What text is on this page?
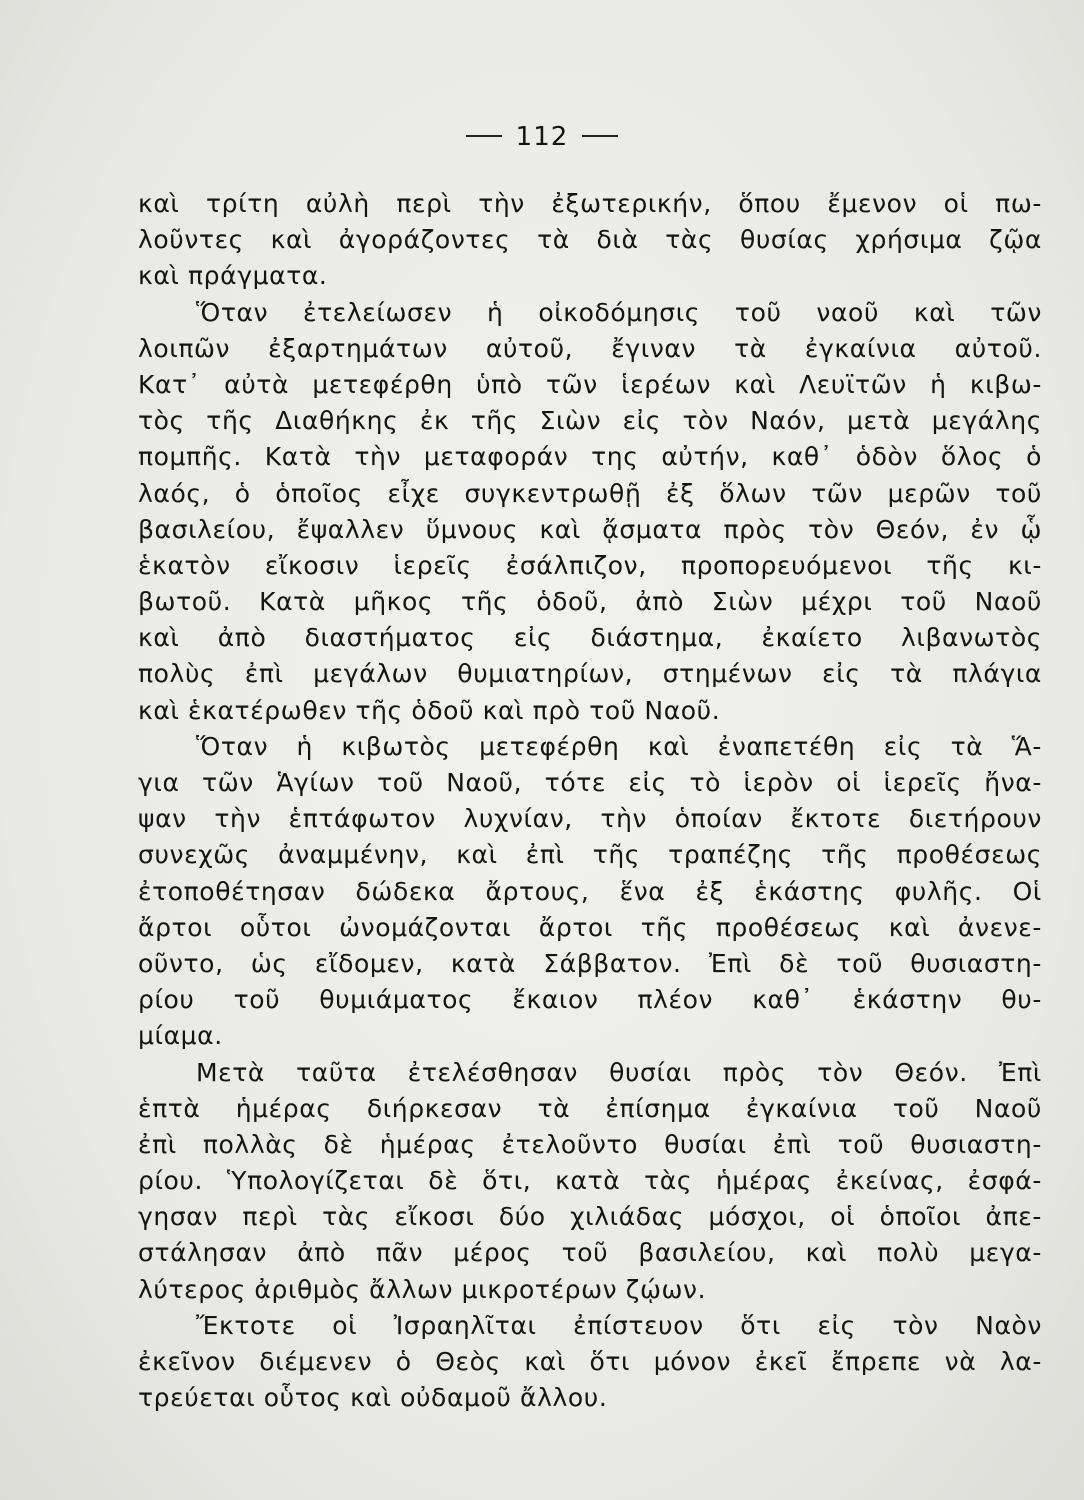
112
καὶ τρίτη αὐλὴ περὶ τὴν ἐξωτερικήν, ὅπου ἔμενον οἱ πω-
λοῦντες καὶ ἀγοράζοντες τὰ διὰ τὰς θυσίας χρήσιμα ζῷα
καὶ πράγματα.
Ὅταν ἐτελείωσεν ἡ οἰκοδόμησις τοῦ ναοῦ καὶ τῶν
λοιπῶν ἐξαρτημάτων αὐτοῦ, ἔγιναν τὰ ἐγκαίνια αὐτοῦ.
Κατ᾽ αὐτὰ μετεφέρθη ὑπὸ τῶν ἱερέων καὶ Λευϊτῶν ἡ κιβω-
τὸς τῆς Διαθήκης ἐκ τῆς Σιὼν εἰς τὸν Ναόν, μετὰ μεγάλης
πομπῆς. Κατὰ τὴν μεταφοράν της αὐτήν, καθ᾽ ὁδὸν ὅλος ὁ
λαός, ὁ ὁποῖος εἶχε συγκεντρωθῇ ἐξ ὅλων τῶν μερῶν τοῦ
βασιλείου, ἔψαλλεν ὕμνους καὶ ᾄσματα πρὸς τὸν Θεόν, ἐν ᾧ
ἑκατὸν εἴκοσιν ἱερεῖς ἐσάλπιζον, προπορευόμενοι τῆς κι-
βωτοῦ. Κατὰ μῆκος τῆς ὁδοῦ, ἀπὸ Σιὼν μέχρι τοῦ Ναοῦ
καὶ ἀπὸ διαστήματος εἰς διάστημα, ἐκαίετο λιβανωτὸς
πολὺς ἐπὶ μεγάλων θυμιατηρίων, στημένων εἰς τὰ πλάγια
καὶ ἑκατέρωθεν τῆς ὁδοῦ καὶ πρὸ τοῦ Ναοῦ.
Ὅταν ἡ κιβωτὸς μετεφέρθη καὶ ἐναπετέθη εἰς τὰ Ἅ-
για τῶν Ἁγίων τοῦ Ναοῦ, τότε εἰς τὸ ἱερὸν οἱ ἱερεῖς ἤνα-
ψαν τὴν ἑπτάφωτον λυχνίαν, τὴν ὁποίαν ἔκτοτε διετήρουν
συνεχῶς ἀναμμένην, καὶ ἐπὶ τῆς τραπέζης τῆς προθέσεως
ἐτοποθέτησαν δώδεκα ἄρτους, ἕνα ἐξ ἑκάστης φυλῆς. Οἱ
ἄρτοι οὗτοι ὠνομάζονται ἄρτοι τῆς προθέσεως καὶ ἀνενε-
οῦντο, ὡς εἴδομεν, κατὰ Σάββατον. Ἐπὶ δὲ τοῦ θυσιαστη-
ρίου τοῦ θυμιάματος ἔκαιον πλέον καθ᾽ ἑκάστην θυ-
μίαμα.
Μετὰ ταῦτα ἐτελέσθησαν θυσίαι πρὸς τὸν Θεόν. Ἐπὶ
ἑπτὰ ἡμέρας διήρκεσαν τὰ ἐπίσημα ἐγκαίνια τοῦ Ναοῦ
ἐπὶ πολλὰς δὲ ἡμέρας ἐτελοῦντο θυσίαι ἐπὶ τοῦ θυσιαστη-
ρίου. Ὑπολογίζεται δὲ ὅτι, κατὰ τὰς ἡμέρας ἐκείνας, ἐσφά-
γησαν περὶ τὰς εἴκοσι δύο χιλιάδας μόσχοι, οἱ ὁποῖοι ἀπε-
στάλησαν ἀπὸ πᾶν μέρος τοῦ βασιλείου, καὶ πολὺ μεγα-
λύτερος ἀριθμὸς ἄλλων μικροτέρων ζῴων.
Ἔκτοτε οἱ Ἰσραηλῖται ἐπίστευον ὅτι εἰς τὸν Ναὸν
ἐκεῖνον διέμενεν ὁ Θεὸς καὶ ὅτι μόνον ἐκεῖ ἔπρεπε νὰ λα-
τρεύεται οὗτος καὶ οὐδαμοῦ ἄλλου.
